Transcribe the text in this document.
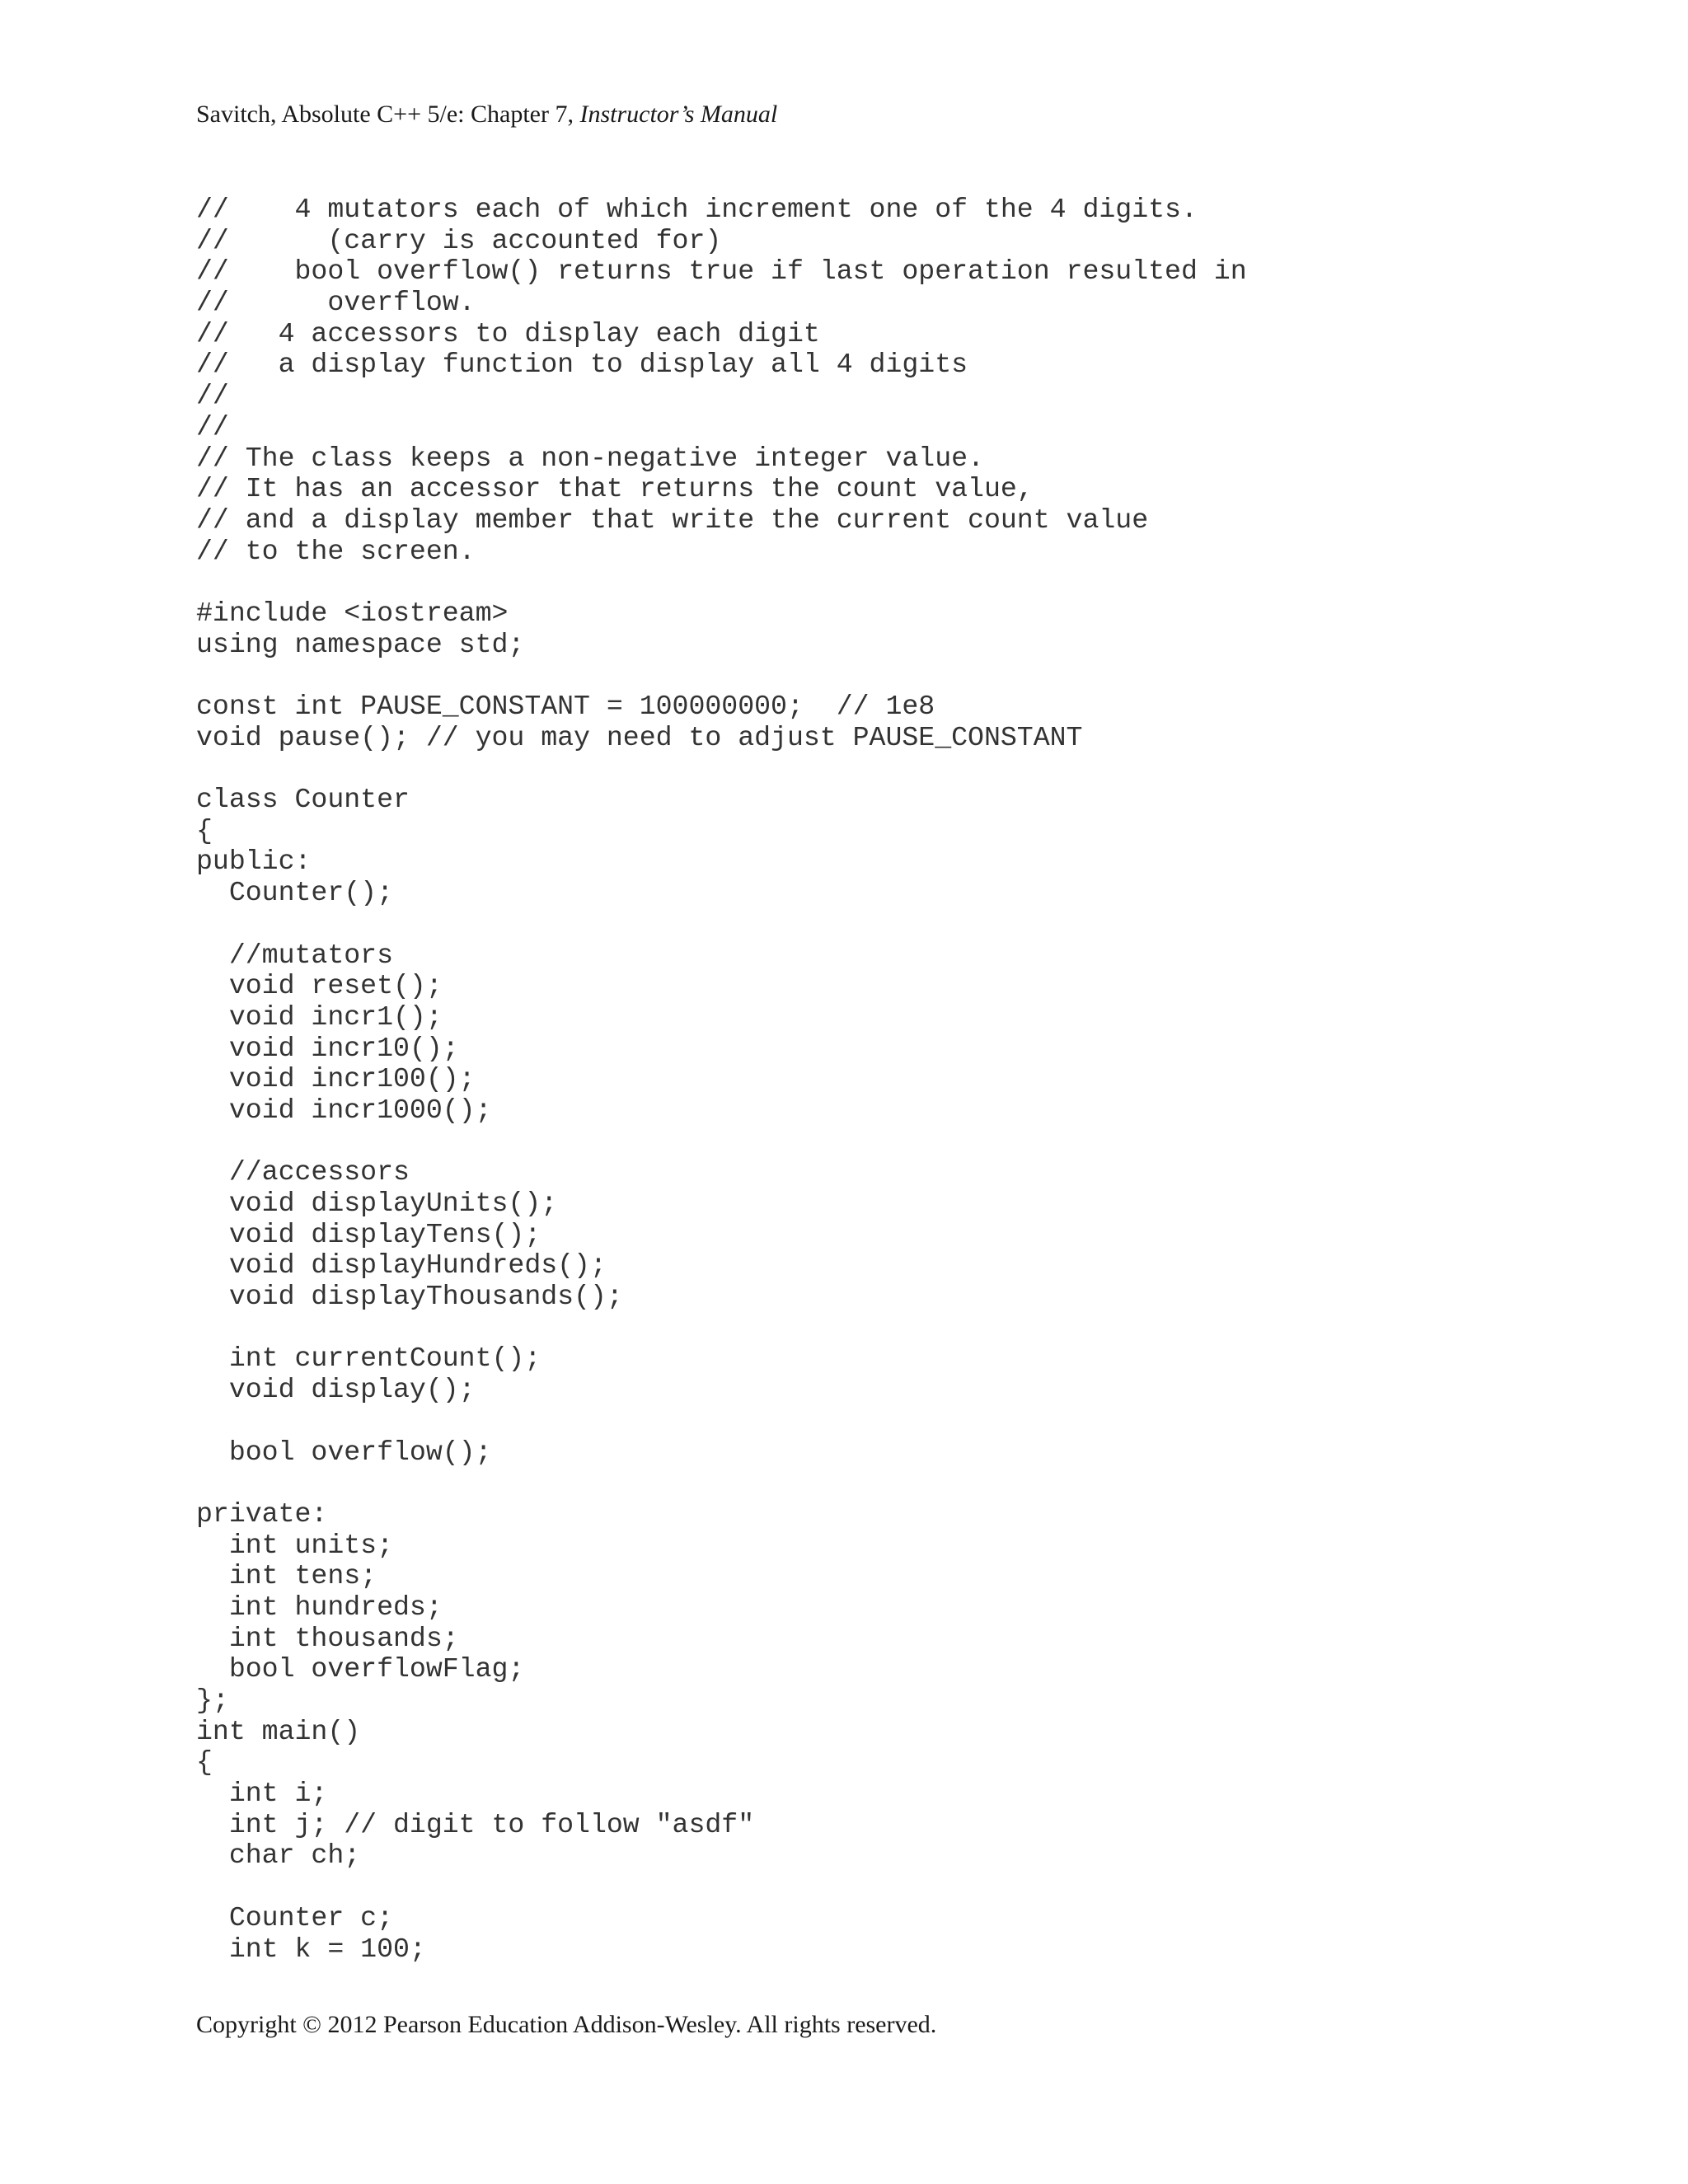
Savitch, Absolute C++ 5/e: Chapter 7, Instructor’s Manual
//    4 mutators each of which increment one of the 4 digits.
//      (carry is accounted for)
//    bool overflow() returns true if last operation resulted in
//      overflow.
//   4 accessors to display each digit
//   a display function to display all 4 digits
//
//
// The class keeps a non-negative integer value.
// It has an accessor that returns the count value,
// and a display member that write the current count value
// to the screen.
#include <iostream>
using namespace std;
const int PAUSE_CONSTANT = 100000000;  // 1e8
void pause(); // you may need to adjust PAUSE_CONSTANT
class Counter
{
public:
Counter();
//mutators
void reset();
void incr1();
void incr10();
void incr100();
void incr1000();
//accessors
void displayUnits();
void displayTens();
void displayHundreds();
void displayThousands();
int currentCount();
void display();
bool overflow();
private:
int units;
int tens;
int hundreds;
int thousands;
bool overflowFlag;
};
int main()
{
int i;
int j; // digit to follow "asdf"
char ch;
Counter c;
int k = 100;
Copyright © 2012 Pearson Education Addison-Wesley. All rights reserved.
